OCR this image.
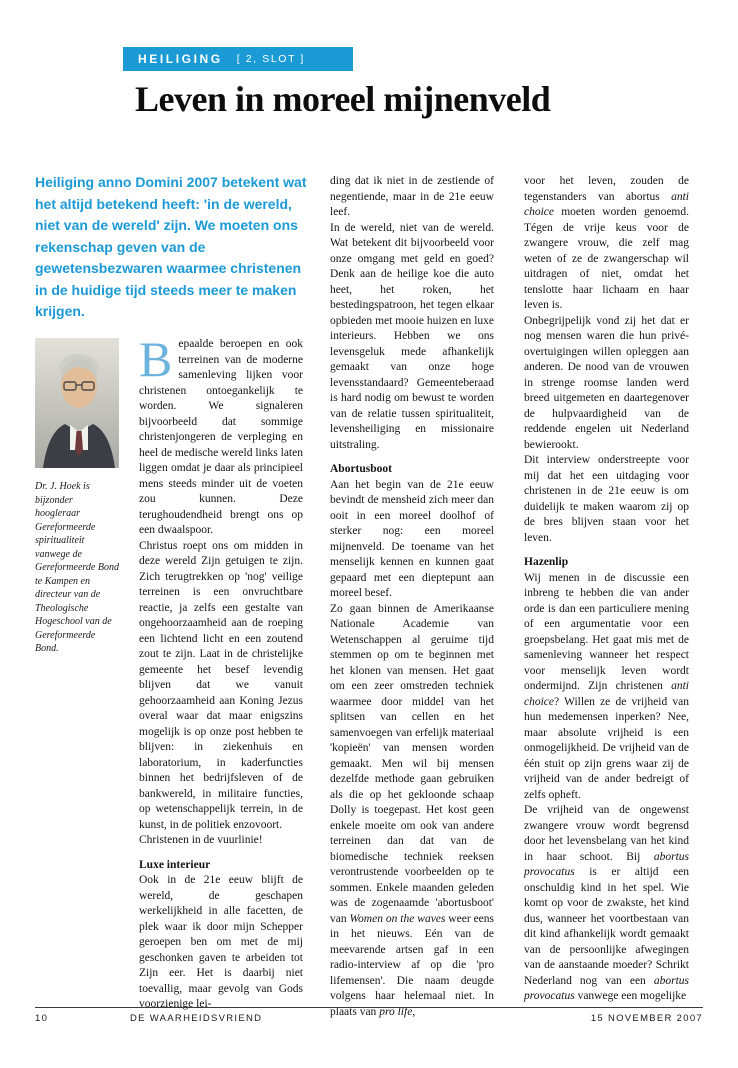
HEILIGING [ 2, SLOT ]
Leven in moreel mijnenveld

Heiliging anno Domini 2007 betekent wat het altijd betekend heeft: 'in de wereld, niet van de wereld' zijn. We moeten ons rekenschap geven van de gewetensbezwaren waarmee christenen in de huidige tijd steeds meer te maken krijgen.

Dr. J. Hoek is bijzonder hoogleraar Gereformeerde spiritualiteit vanwege de Gereformeerde Bond te Kampen en directeur van de Theologische Hogeschool van de Gereformeerde Bond.

Bepaalde beroepen en ook terreinen van de moderne samenleving lijken voor christenen ontoegankelijk te worden. We signaleren bijvoorbeeld dat sommige christenjongeren de verpleging en heel de medische wereld links laten liggen omdat je daar als principieel mens steeds minder uit de voeten zou kunnen. Deze terughoudendheid brengt ons op een dwaalspoor.

Christus roept ons om midden in deze wereld Zijn getuigen te zijn. Zich terugtrekken op 'nog' veilige terreinen is een onvruchtbare reactie, ja zelfs een gestalte van ongehoorzaamheid aan de roeping een lichtend licht en een zoutend zout te zijn. Laat in de christelijke gemeente het besef levendig blijven dat we vanuit gehoorzaamheid aan Koning Jezus overal waar dat maar enigszins mogelijk is op onze post hebben te blijven: in ziekenhuis en laboratorium, in kaderfuncties binnen het bedrijfsleven of de bankwereld, in militaire functies, op wetenschappelijk terrein, in de kunst, in de politiek enzovoort.

Christenen in de vuurlinie!

Luxe interieur

Ook in de 21e eeuw blijft de wereld, de geschapen werkelijkheid in alle facetten, de plek waar ik door mijn Schepper geroepen ben om met de mij geschonken gaven te arbeiden tot Zijn eer. Het is daarbij niet toevallig, maar gevolg van Gods voorzienige lei-

ding dat ik niet in de zestiende of negentiende, maar in de 21e eeuw leef.

In de wereld, niet van de wereld. Wat betekent dit bijvoorbeeld voor onze omgang met geld en goed? Denk aan de heilige koe die auto heet, het roken, het bestedingspatroon, het tegen elkaar opbieden met mooie huizen en luxe interieurs. Hebben we ons levensgeluk mede afhankelijk gemaakt van onze hoge levensstandaard? Gemeenteberaad is hard nodig om bewust te worden van de relatie tussen spiritualiteit, levensheiliging en missionaire uitstraling.

Abortusboot

Aan het begin van de 21e eeuw bevindt de mensheid zich meer dan ooit in een moreel doolhof of sterker nog: een moreel mijnenveld. De toename van het menselijk kennen en kunnen gaat gepaard met een dieptepunt aan moreel besef.

Zo gaan binnen de Amerikaanse Nationale Academie van Wetenschappen al geruime tijd stemmen op om te beginnen met het klonen van mensen. Het gaat om een zeer omstreden techniek waarmee door middel van het splitsen van cellen en het samenvoegen van erfelijk materiaal 'kopieën' van mensen worden gemaakt. Men wil bij mensen dezelfde methode gaan gebruiken als die op het gekloonde schaap Dolly is toegepast. Het kost geen enkele moeite om ook van andere terreinen dan dat van de biomedische techniek reeksen verontrustende voorbeelden op te sommen. Enkele maanden geleden was de zogenaamde 'abortusboot' van Women on the waves weer eens in het nieuws. Eén van de meevarende artsen gaf in een radio-interview af op die 'pro lifemensen'. Die naam deugde volgens haar helemaal niet. In plaats van pro life,

voor het leven, zouden de tegenstanders van abortus anti choice moeten worden genoemd. Tégen de vrije keus voor de zwangere vrouw, die zelf mag weten of ze de zwangerschap wil uitdragen of niet, omdat het tenslotte haar lichaam en haar leven is.

Onbegrijpelijk vond zij het dat er nog mensen waren die hun privé-overtuigingen willen opleggen aan anderen. De nood van de vrouwen in strenge roomse landen werd breed uitgemeten en daartegenover de hulpvaardigheid van de reddende engelen uit Nederland bewierookt.

Dit interview onderstreepte voor mij dat het een uitdaging voor christenen in de 21e eeuw is om duidelijk te maken waarom zij op de bres blijven staan voor het leven.

Hazenlip

Wij menen in de discussie een inbreng te hebben die van ander orde is dan een particuliere mening of een argumentatie voor een groepsbelang. Het gaat mis met de samenleving wanneer het respect voor menselijk leven wordt ondermijnd. Zijn christenen anti choice? Willen ze de vrijheid van hun medemensen inperken? Nee, maar absolute vrijheid is een onmogelijkheid. De vrijheid van de één stuit op zijn grens waar zij de vrijheid van de ander bedreigt of zelfs opheft.

De vrijheid van de ongewenst zwangere vrouw wordt begrensd door het levensbelang van het kind in haar schoot. Bij abortus provocatus is er altijd een onschuldig kind in het spel. Wie komt op voor de zwakste, het kind dus, wanneer het voortbestaan van dit kind afhankelijk wordt gemaakt van de persoonlijke afwegingen van de aanstaande moeder? Schrikt Nederland nog van een abortus provocatus vanwege een mogelijke

10	DE WAARHEIDSVRIEND	15 NOVEMBER 2007
